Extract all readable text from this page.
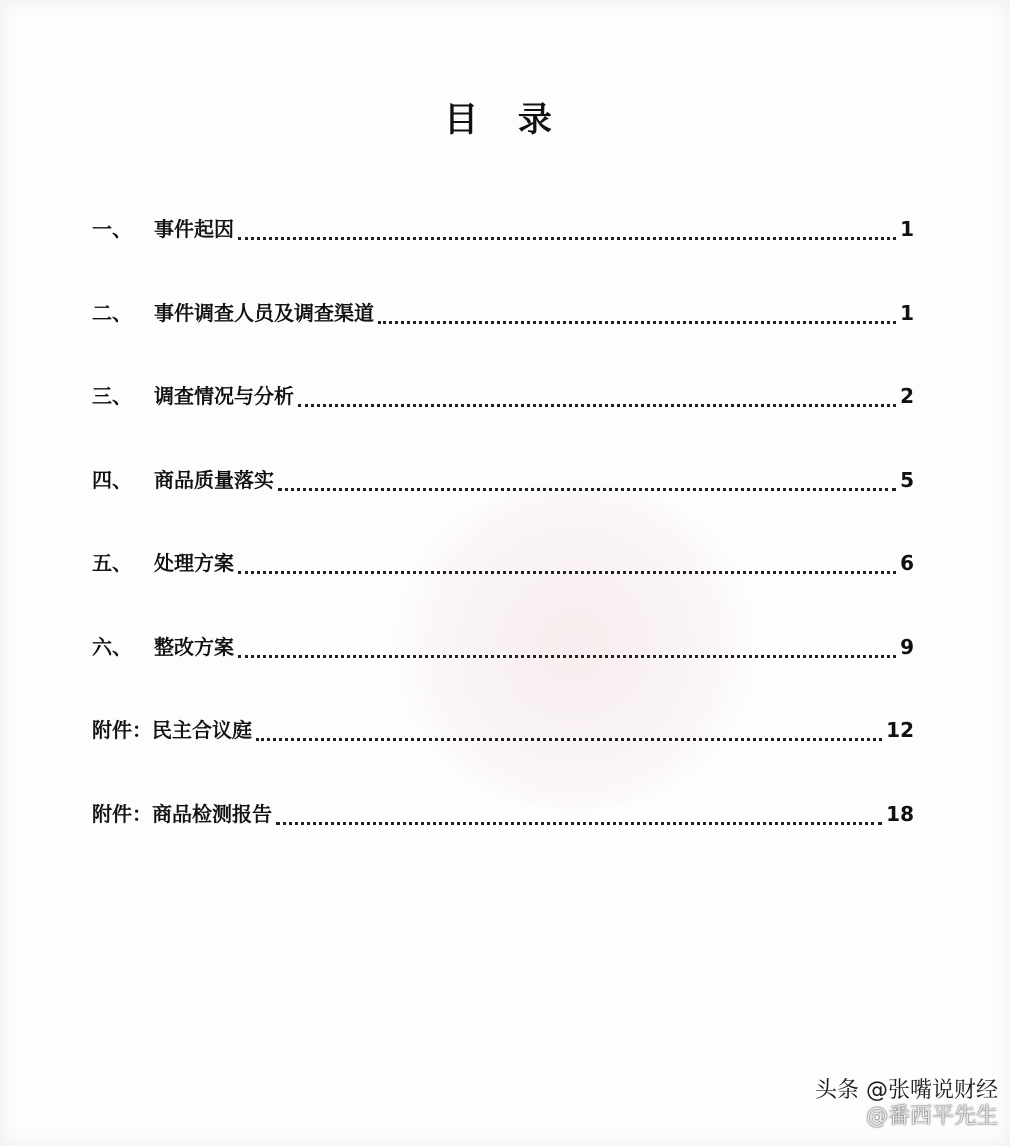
目 录
一、	事件起因	1
二、	事件调查人员及调查渠道	1
三、	调查情况与分析	2
四、	商品质量落实	5
五、	处理方案	6
六、	整改方案	9
附件： 民主合议庭	12
附件： 商品检测报告	18
头条 @张嘴说财经
@番西平先生
